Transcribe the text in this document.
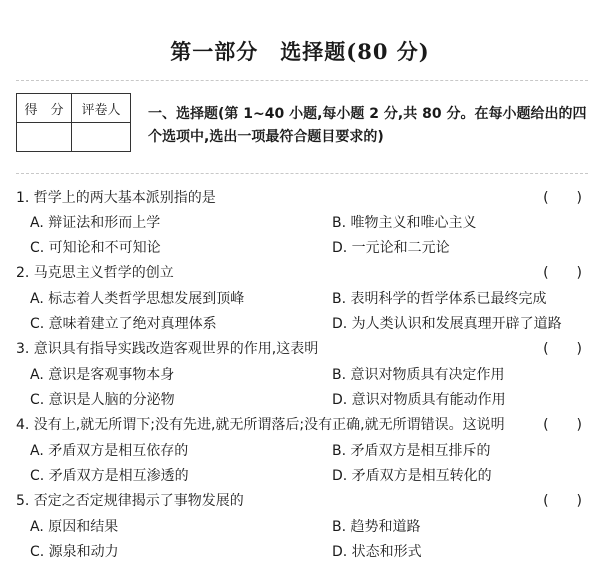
第一部分　选择题(80 分)
得　分	评卷人
	一、选择题(第 1~40 小题,每小题 2 分,共 80 分。在每小题给出的四个选项中,选出一项最符合题目要求的)
1. 哲学上的两大基本派别指的是	(　　)
A. 辩证法和形而上学	B. 唯物主义和唯心主义
C. 可知论和不可知论	D. 一元论和二元论
2. 马克思主义哲学的创立	(　　)
A. 标志着人类哲学思想发展到顶峰	B. 表明科学的哲学体系已最终完成
C. 意味着建立了绝对真理体系	D. 为人类认识和发展真理开辟了道路
3. 意识具有指导实践改造客观世界的作用,这表明	(　　)
A. 意识是客观事物本身	B. 意识对物质具有决定作用
C. 意识是人脑的分泌物	D. 意识对物质具有能动作用
4. 没有上,就无所谓下;没有先进,就无所谓落后;没有正确,就无所谓错误。这说明	(　　)
A. 矛盾双方是相互依存的	B. 矛盾双方是相互排斥的
C. 矛盾双方是相互渗透的	D. 矛盾双方是相互转化的
5. 否定之否定规律揭示了事物发展的	(　　)
A. 原因和结果	B. 趋势和道路
C. 源泉和动力	D. 状态和形式
